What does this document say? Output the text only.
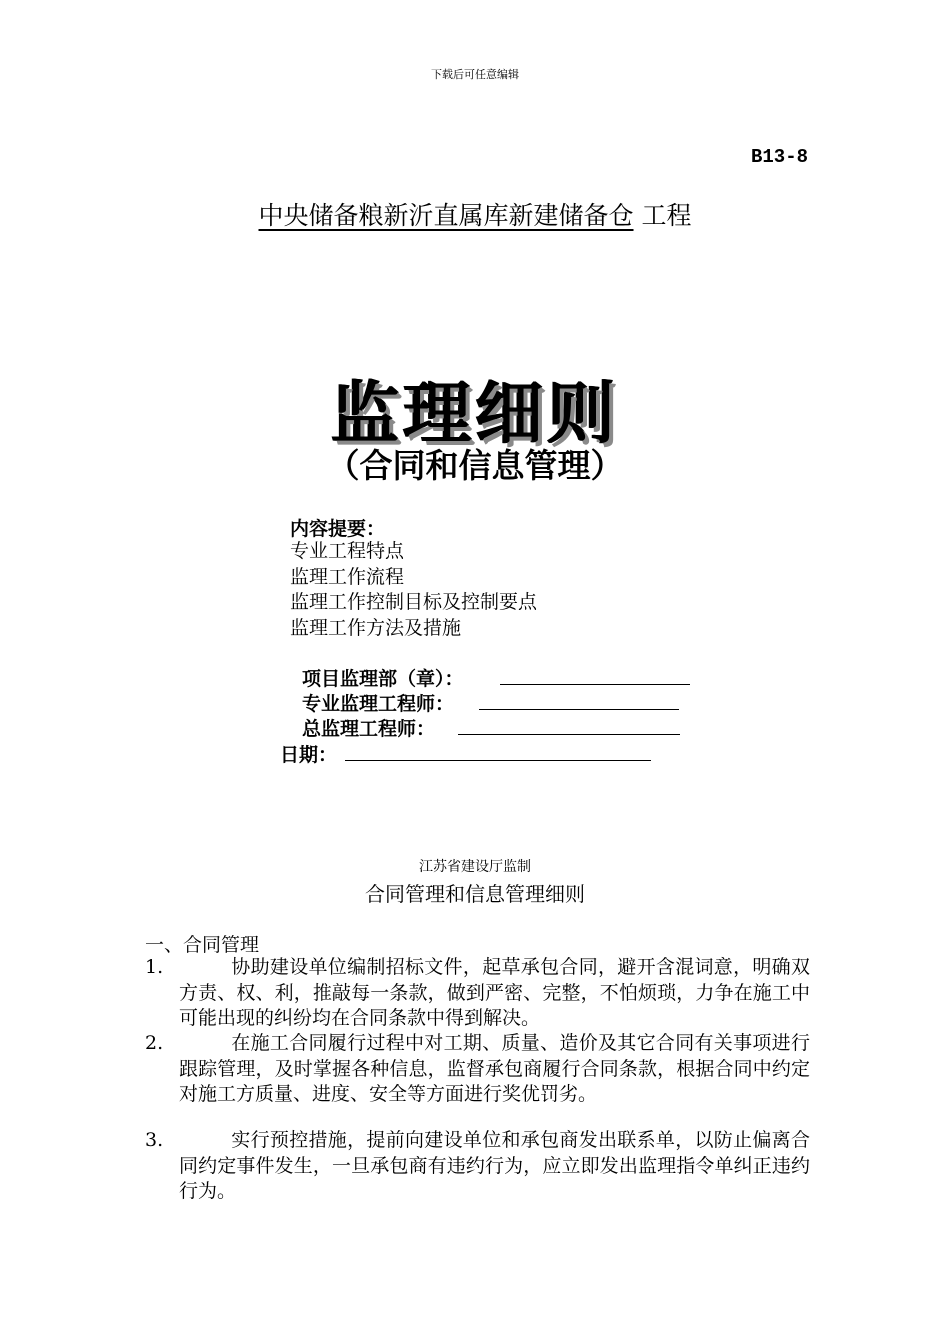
下载后可任意编辑
B13-8
中央储备粮新沂直属库新建储备仓 工程
监理细则
（合同和信息管理）
内容提要：
专业工程特点
监理工作流程
监理工作控制目标及控制要点
监理工作方法及措施
项目监理部（章）：
专业监理工程师：
总监理工程师：
日期：
江苏省建设厅监制
合同管理和信息管理细则
一、合同管理
1.	协助建设单位编制招标文件，起草承包合同，避开含混词意，明确双方责、权、利，推敲每一条款，做到严密、完整，不怕烦琐，力争在施工中可能出现的纠纷均在合同条款中得到解决。
2.	在施工合同履行过程中对工期、质量、造价及其它合同有关事项进行跟踪管理，及时掌握各种信息，监督承包商履行合同条款，根据合同中约定对施工方质量、进度、安全等方面进行奖优罚劣。
3.	实行预控措施，提前向建设单位和承包商发出联系单，以防止偏离合同约定事件发生，一旦承包商有违约行为，应立即发出监理指令单纠正违约行为。
